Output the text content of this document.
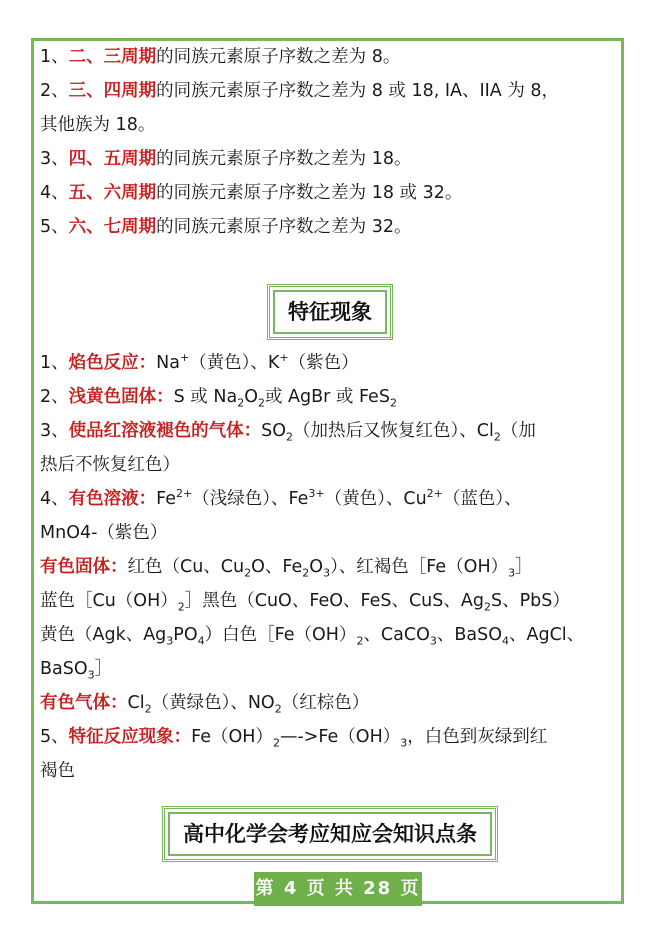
1、二、三周期的同族元素原子序数之差为 8。
2、三、四周期的同族元素原子序数之差为 8 或 18, IA、IIA 为 8，
其他族为 18。
3、四、五周期的同族元素原子序数之差为 18。
4、五、六周期的同族元素原子序数之差为 18 或 32。
5、六、七周期的同族元素原子序数之差为 32。
特征现象
1、焰色反应：Na+（黄色）、K+（紫色）
2、浅黄色固体：S 或 $Na_2O_2$或 AgBr 或 FeS$_2$
3、使品红溶液褪色的气体：$SO_2$（加热后又恢复红色）、$Cl_2$（加
热后不恢复红色）
4、有色溶液：$Fe^{2+}$（浅绿色）、$Fe^{3+}$（黄色）、$Cu^{2+}$（蓝色）、
MnO4-（紫色）
有色固体：红色（Cu、$Cu_2O$、$Fe_2O_3$）、红褐色$[Fe(OH)_3]$
蓝色$[Cu(OH)_2]$黑色（CuO、FeO、FeS、CuS、$Ag_2S$、PbS）
黄色（Agk、$Ag_3PO_4$）白色$[Fe(OH)_2$、CaCO$_3$、BaSO$_4$、AgCl、
BaSO$_3$］
有色气体：$Cl_2$（黄绿色）、$NO_2$（红棕色）
5、特征反应现象：$Fe(OH)_2—->Fe(OH)_3$，白色到灰绿到红
褐色
高中化学会考应知应会知识点条
第 4 页 共 28 页
